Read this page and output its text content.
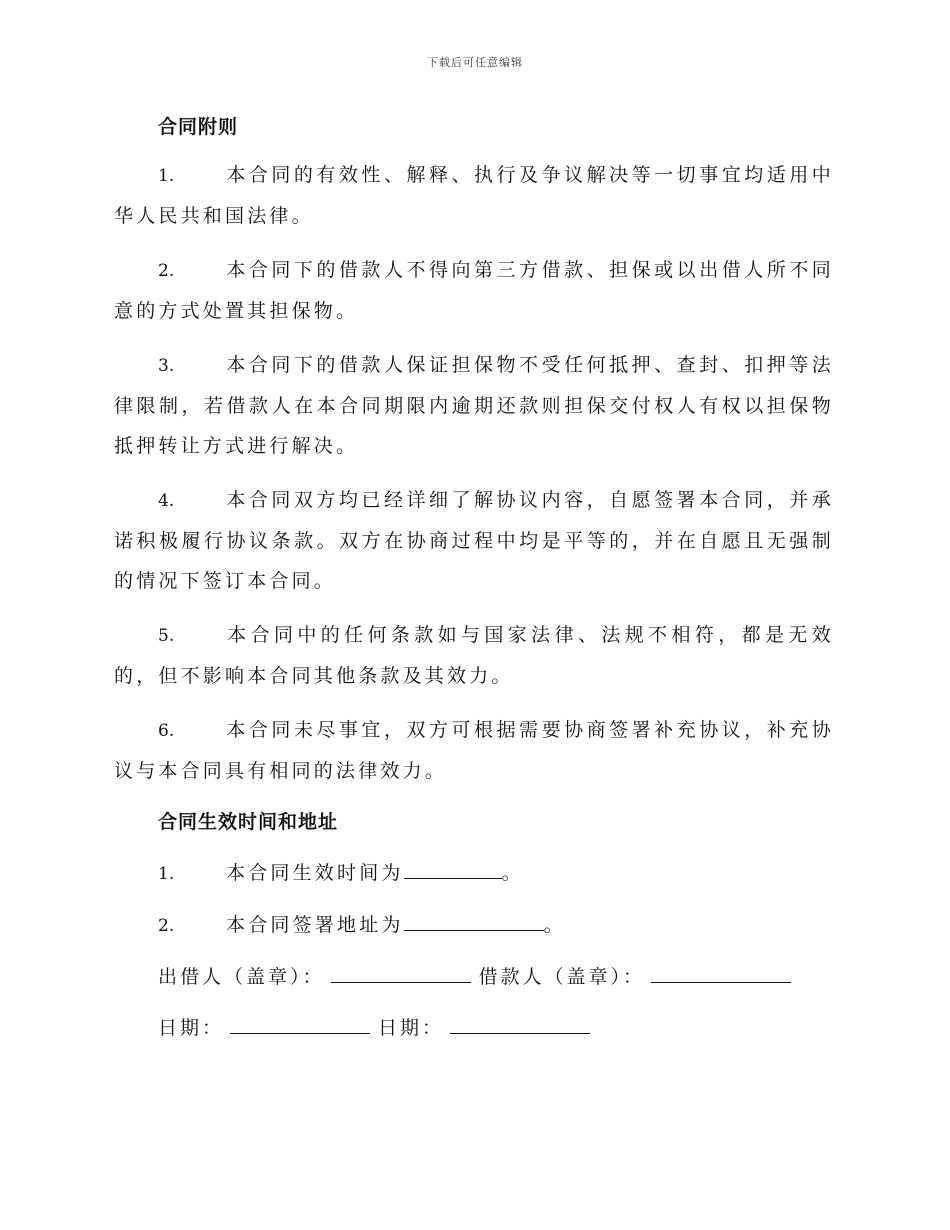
下载后可任意编辑
合同附则

1.	本合同的有效性、解释、执行及争议解决等一切事宜均适用中华人民共和国法律。

2.	本合同下的借款人不得向第三方借款、担保或以出借人所不同意的方式处置其担保物。

3.	本合同下的借款人保证担保物不受任何抵押、查封、扣押等法律限制，若借款人在本合同期限内逾期还款则担保交付权人有权以担保物抵押转让方式进行解决。

4.	本合同双方均已经详细了解协议内容，自愿签署本合同，并承诺积极履行协议条款。双方在协商过程中均是平等的，并在自愿且无强制的情况下签订本合同。

5.	本合同中的任何条款如与国家法律、法规不相符，都是无效的，但不影响本合同其他条款及其效力。

6.	本合同未尽事宜，双方可根据需要协商签署补充协议，补充协议与本合同具有相同的法律效力。

合同生效时间和地址

1.	本合同生效时间为	。

2.	本合同签署地址为	。

出借人（盖章）：	借款人（盖章）：

日期：	日期：
